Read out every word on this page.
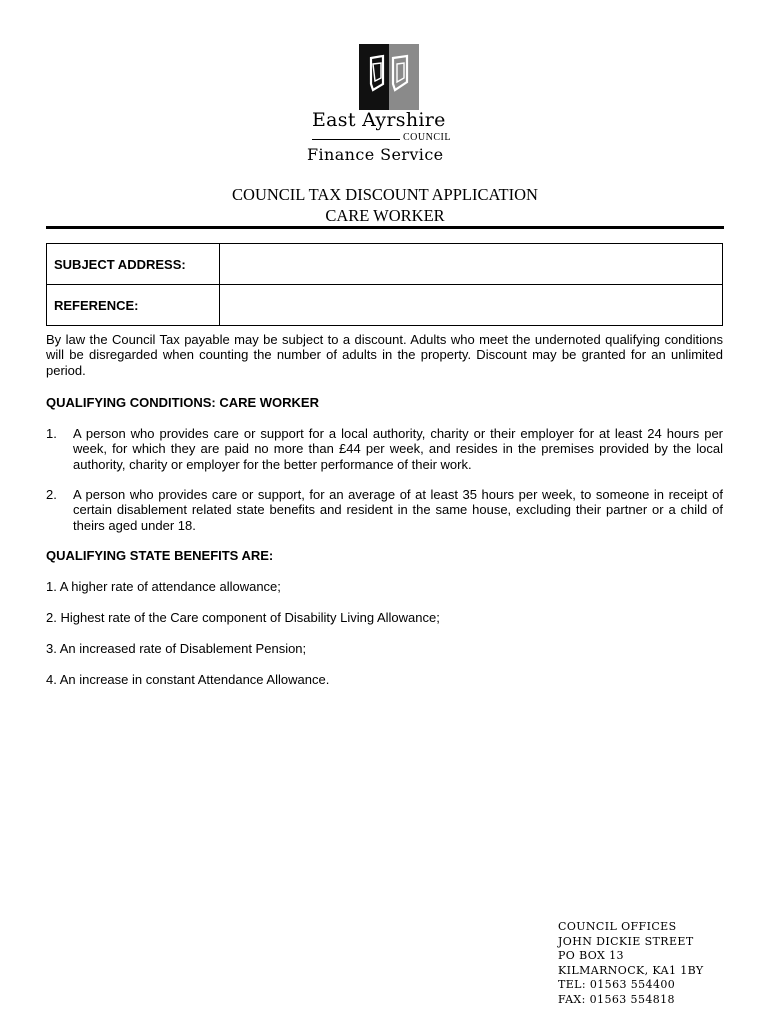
East Ayrshire
COUNCIL
Finance Service
COUNCIL TAX DISCOUNT APPLICATION
CARE WORKER
SUBJECT ADDRESS:	
REFERENCE:	
By law the Council Tax payable may be subject to a discount. Adults who meet the undernoted qualifying conditions will be disregarded when counting the number of adults in the property. Discount may be granted for an unlimited period.
QUALIFYING CONDITIONS: CARE WORKER
1. A person who provides care or support for a local authority, charity or their employer for at least 24 hours per week, for which they are paid no more than £44 per week, and resides in the premises provided by the local authority, charity or employer for the better performance of their work.
2. A person who provides care or support, for an average of at least 35 hours per week, to someone in receipt of certain disablement related state benefits and resident in the same house, excluding their partner or a child of theirs aged under 18.
QUALIFYING STATE BENEFITS ARE:
1. A higher rate of attendance allowance;
2. Highest rate of the Care component of Disability Living Allowance;
3. An increased rate of Disablement Pension;
4. An increase in constant Attendance Allowance.
COUNCIL OFFICES
JOHN DICKIE STREET
PO BOX 13
KILMARNOCK, KA1 1BY
TEL: 01563 554400
FAX: 01563 554818
